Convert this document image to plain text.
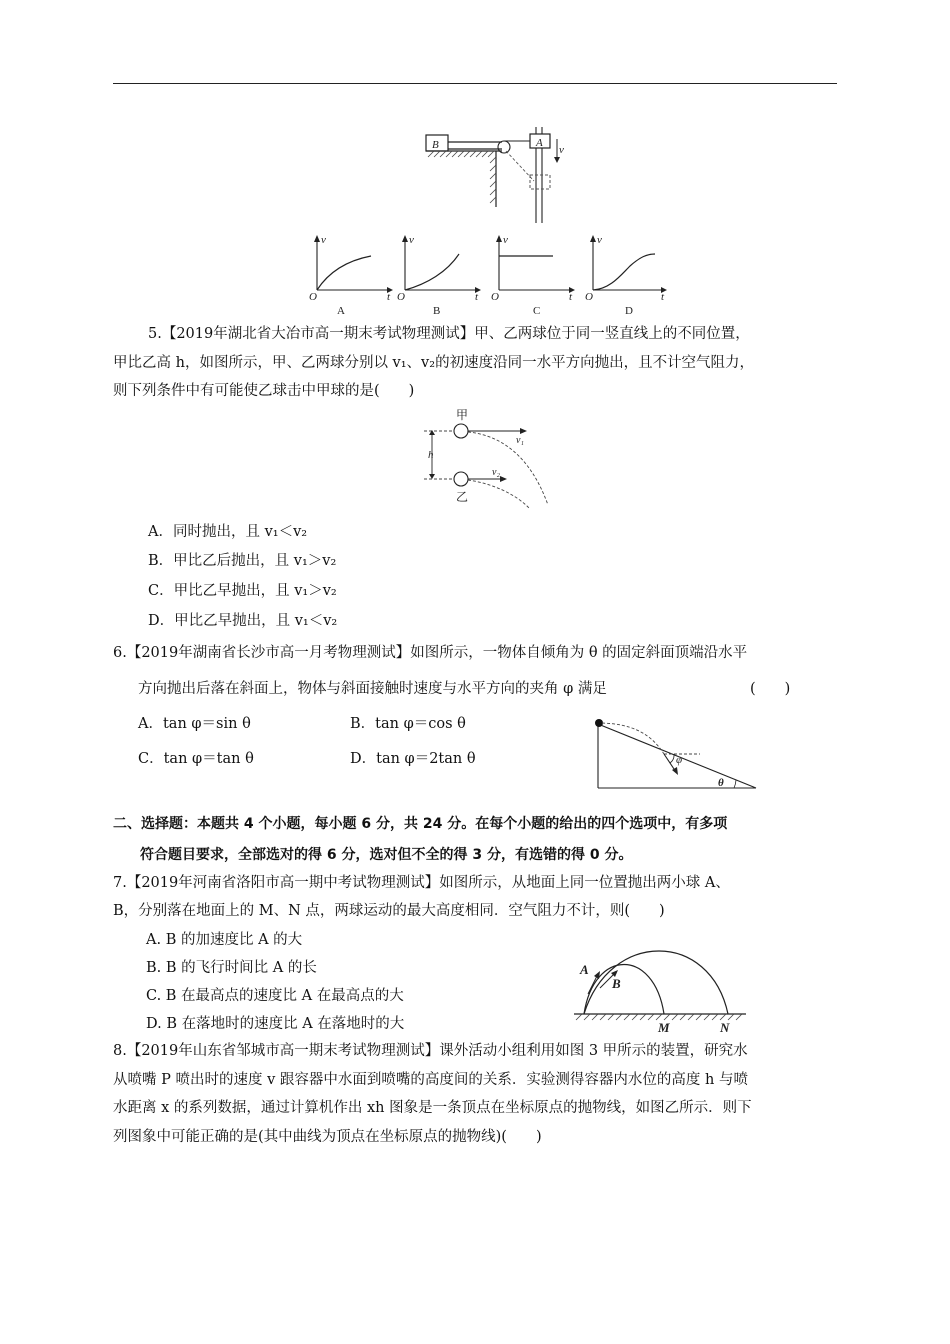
B	A
v
v
t
O
A
v
t
O
B
v
t
O
C
v
t
O
D
5.【2019年湖北省大冶市高一期末考试物理测试】甲、乙两球位于同一竖直线上的不同位置，
甲比乙高 h，如图所示，甲、乙两球分别以 v₁、v₂的初速度沿同一水平方向抛出，且不计空气阻力，
则下列条件中有可能使乙球击中甲球的是(　　)
甲
v₁
h
v₂
乙
A．同时抛出，且 v₁＜v₂
B．甲比乙后抛出，且 v₁＞v₂
C．甲比乙早抛出，且 v₁＞v₂
D．甲比乙早抛出，且 v₁＜v₂
6.【2019年湖南省长沙市高一月考物理测试】如图所示，一物体自倾角为 θ 的固定斜面顶端沿水平
方向抛出后落在斜面上，物体与斜面接触时速度与水平方向的夹角 φ 满足	(　　)
A．tan φ＝sin θ	B．tan φ＝cos θ
C．tan φ＝tan θ	D．tan φ＝2tan θ	φ
θ
二、选择题：本题共 4 个小题，每小题 6 分，共 24 分。在每个小题的给出的四个选项中，有多项
符合题目要求，全部选对的得 6 分，选对但不全的得 3 分，有选错的得 0 分。
7.【2019年河南省洛阳市高一期中考试物理测试】如图所示，从地面上同一位置抛出两小球 A、
B，分别落在地面上的 M、N 点，两球运动的最大高度相同．空气阻力不计，则(　　)
A. B 的加速度比 A 的大
B. B 的飞行时间比 A 的长
C. B 在最高点的速度比 A 在最高点的大
D. B 在落地时的速度比 A 在落地时的大
A
B
M	N
8.【2019年山东省邹城市高一期末考试物理测试】课外活动小组利用如图 3 甲所示的装置，研究水
从喷嘴 P 喷出时的速度 v 跟容器中水面到喷嘴的高度间的关系．实验测得容器内水位的高度 h 与喷
水距离 x 的系列数据，通过计算机作出 xh 图象是一条顶点在坐标原点的抛物线，如图乙所示．则下
列图象中可能正确的是(其中曲线为顶点在坐标原点的抛物线)(　　)
